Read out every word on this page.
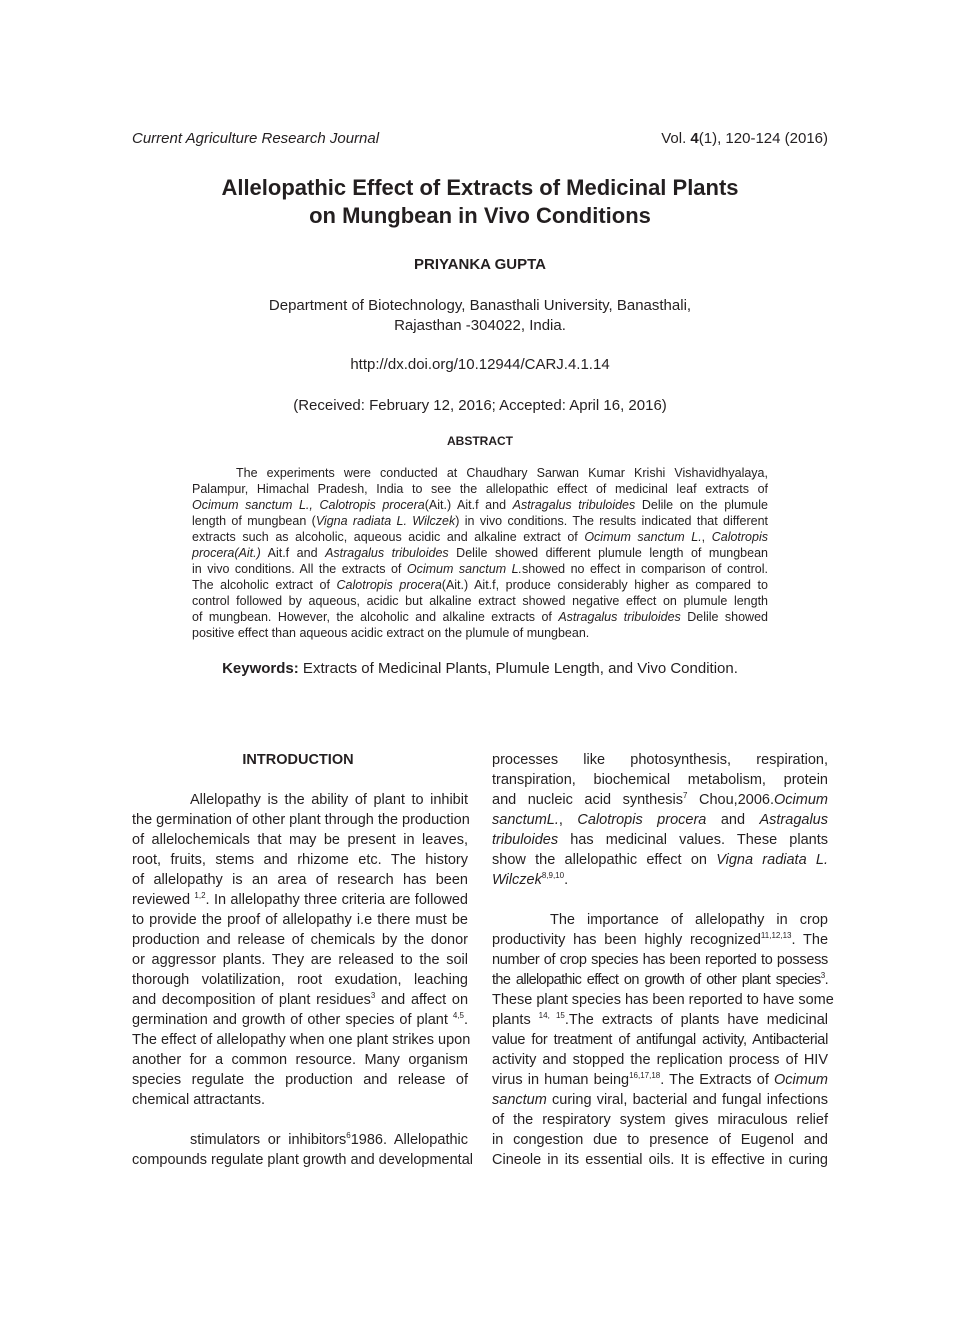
Current Agriculture Research Journal	Vol. 4(1), 120-124 (2016)
Allelopathic Effect of Extracts of Medicinal Plants
on Mungbean in Vivo Conditions
PRIYANKA GUPTA
Department of Biotechnology, Banasthali University, Banasthali,
Rajasthan -304022, India.
http://dx.doi.org/10.12944/CARJ.4.1.14
(Received: February 12, 2016; Accepted: April 16, 2016)
ABSTRACT
The experiments were conducted at Chaudhary Sarwan Kumar Krishi Vishavidhyalaya,
Palampur, Himachal Pradesh, India to see the allelopathic effect of medicinal leaf extracts of
Ocimum sanctum L., Calotropis procera(Ait.) Ait.f and Astragalus tribuloides Delile on the plumule
length of mungbean (Vigna radiata L. Wilczek) in vivo conditions. The results indicated that different
extracts such as alcoholic, aqueous acidic and alkaline extract of Ocimum sanctum L., Calotropis
procera(Ait.) Ait.f and Astragalus tribuloides Delile showed different plumule length of mungbean
in vivo conditions. All the extracts of Ocimum sanctum L.showed no effect in comparison of control.
The alcoholic extract of Calotropis procera(Ait.) Ait.f, produce considerably higher as compared to
control followed by aqueous, acidic but alkaline extract showed negative effect on plumule length
of mungbean. However, the alcoholic and alkaline extracts of Astragalus tribuloides Delile showed
positive effect than aqueous acidic extract on the plumule of mungbean.
Keywords: Extracts of Medicinal Plants, Plumule Length, and Vivo Condition.
INTRODUCTION
Allelopathy is the ability of plant to inhibit
the germination of other plant through the production
of allelochemicals that may be present in leaves,
root, fruits, stems and rhizome etc. The history
of allelopathy is an area of research has been
reviewed $^{1,2}$. In allelopathy three criteria are followed
to provide the proof of allelopathy i.e there must be
production and release of chemicals by the donor
or aggressor plants. They are released to the soil
thorough volatilization, root exudation, leaching
and decomposition of plant residues$^3$ and affect on
germination and growth of other species of plant $^{4,5}$.
The effect of allelopathy when one plant strikes upon
another for a common resource. Many organism
species regulate the production and release of
chemical attractants.
stimulators or inhibitors$^6$1986. Allelopathic
compounds regulate plant growth and developmental
processes like photosynthesis, respiration,
transpiration, biochemical metabolism, protein
and nucleic acid synthesis$^7$ Chou,2006.Ocimum
sanctumL., Calotropis procera and Astragalus
tribuloides has medicinal values. These plants
show the allelopathic effect on Vigna radiata L.
Wilczek$^{8,9,10}$.
The importance of allelopathy in crop
productivity has been highly recognized$^{11,12,13}$. The
number of crop species has been reported to possess
the allelopathic effect on growth of other plant species$^3$.
These plant species has been reported to have some
plants $^{14, 15}$.The extracts of plants have medicinal
value for treatment of antifungal activity, Antibacterial
activity and stopped the replication process of HIV
virus in human being$^{16,17,18}$. The Extracts of Ocimum
sanctum curing viral, bacterial and fungal infections
of the respiratory system gives miraculous relief
in congestion due to presence of Eugenol and
Cineole in its essential oils. It is effective in curing
